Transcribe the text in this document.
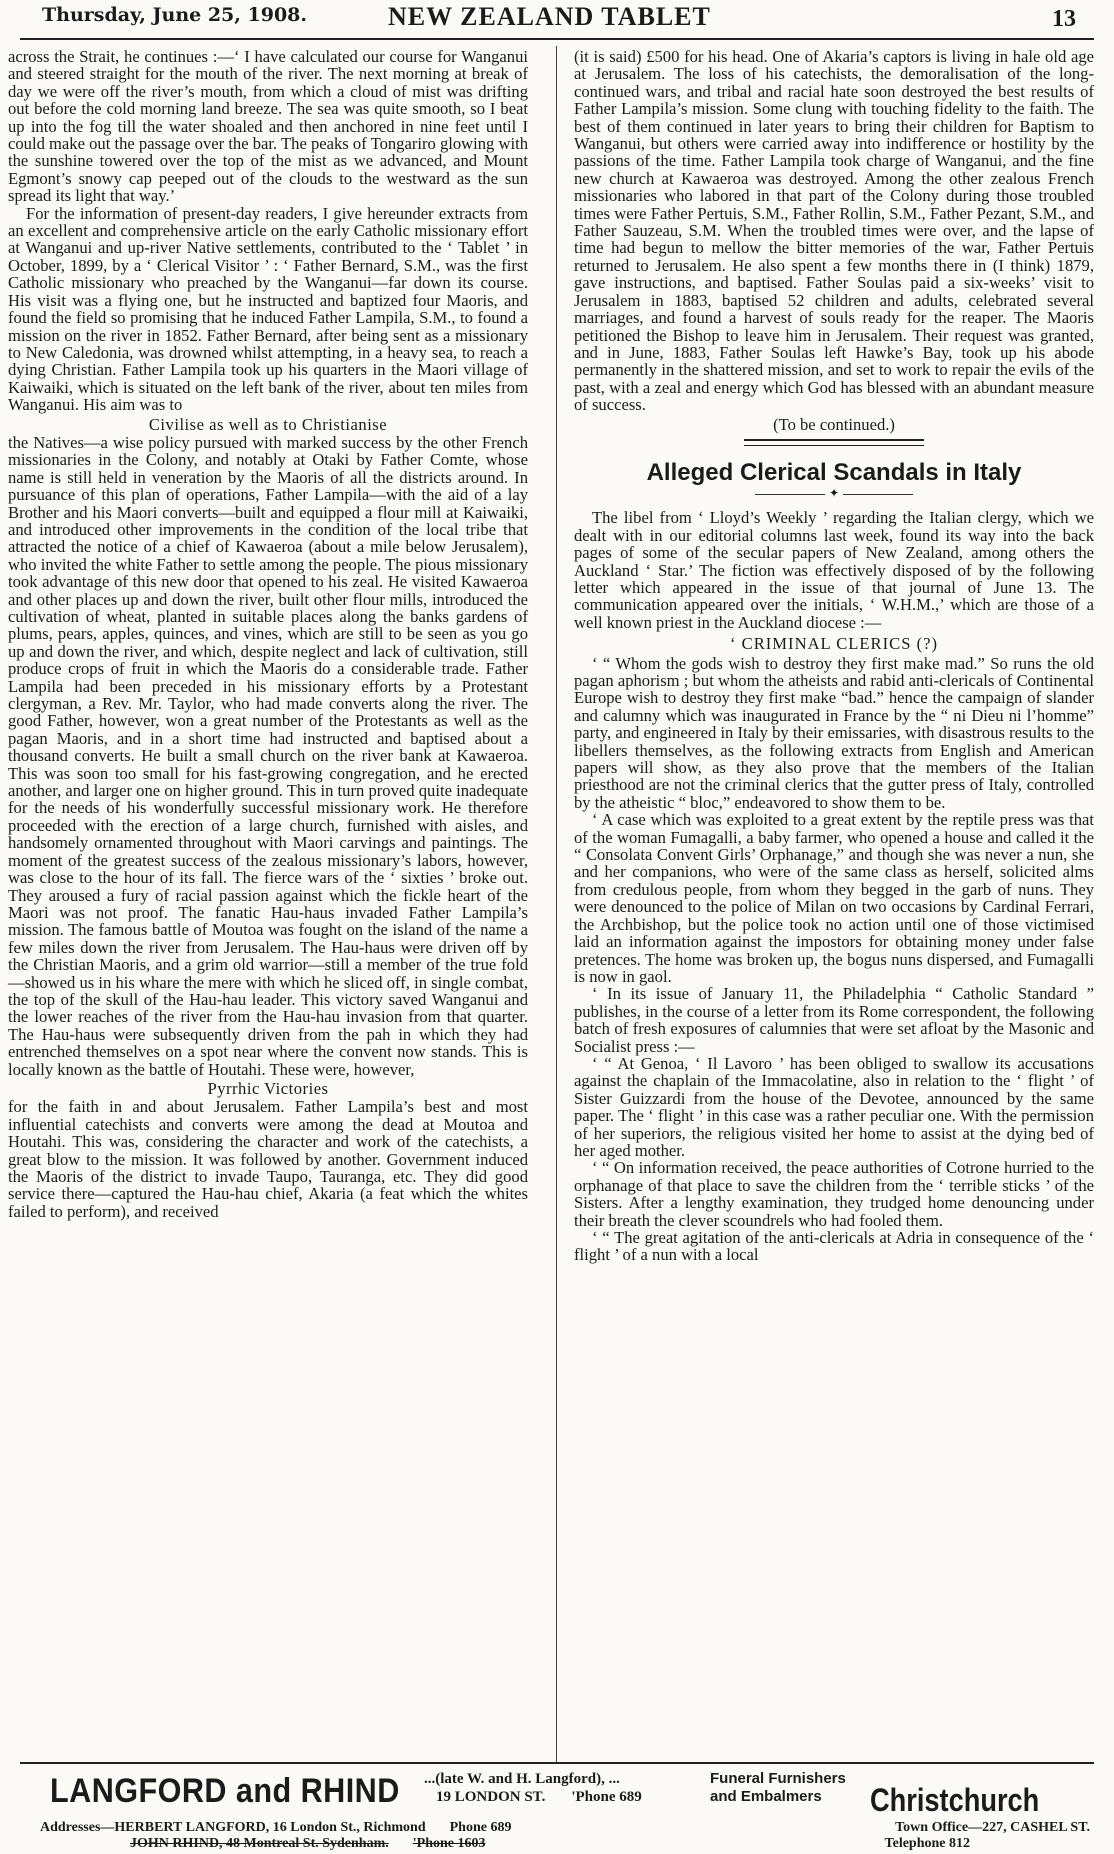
Thursday, June 25, 1908.	NEW ZEALAND TABLET	13

across the Strait, he continues :—‘ I have calculated our course for Wanganui and steered straight for the mouth of the river. The next morning at break of day we were off the river’s mouth, from which a cloud of mist was drifting out before the cold morning land breeze. The sea was quite smooth, so I beat up into the fog till the water shoaled and then anchored in nine feet until I could make out the passage over the bar. The peaks of Tongariro glowing with the sunshine towered over the top of the mist as we advanced, and Mount Egmont’s snowy cap peeped out of the clouds to the westward as the sun spread its light that way.’

For the information of present-day readers, I give hereunder extracts from an excellent and comprehensive article on the early Catholic missionary effort at Wanganui and up-river Native settlements, contributed to the ‘ Tablet ’ in October, 1899, by a ‘ Clerical Visitor ’ : ‘ Father Bernard, S.M., was the first Catholic missionary who preached by the Wanganui—far down its course. His visit was a flying one, but he instructed and baptized four Maoris, and found the field so promising that he induced Father Lampila, S.M., to found a mission on the river in 1852. Father Bernard, after being sent as a missionary to New Caledonia, was drowned whilst attempting, in a heavy sea, to reach a dying Christian. Father Lampila took up his quarters in the Maori village of Kaiwaiki, which is situated on the left bank of the river, about ten miles from Wanganui. His aim was to

Civilise as well as to Christianise

the Natives—a wise policy pursued with marked success by the other French missionaries in the Colony, and notably at Otaki by Father Comte, whose name is still held in veneration by the Maoris of all the districts around. In pursuance of this plan of operations, Father Lampila—with the aid of a lay Brother and his Maori converts—built and equipped a flour mill at Kaiwaiki, and introduced other improvements in the condition of the local tribe that attracted the notice of a chief of Kawaeroa (about a mile below Jerusalem), who invited the white Father to settle among the people. The pious missionary took advantage of this new door that opened to his zeal. He visited Kawaeroa and other places up and down the river, built other flour mills, introduced the cultivation of wheat, planted in suitable places along the banks gardens of plums, pears, apples, quinces, and vines, which are still to be seen as you go up and down the river, and which, despite neglect and lack of cultivation, still produce crops of fruit in which the Maoris do a considerable trade. Father Lampila had been preceded in his missionary efforts by a Protestant clergyman, a Rev. Mr. Taylor, who had made converts along the river. The good Father, however, won a great number of the Protestants as well as the pagan Maoris, and in a short time had instructed and baptised about a thousand converts. He built a small church on the river bank at Kawaeroa. This was soon too small for his fast-growing congregation, and he erected another, and larger one on higher ground. This in turn proved quite inadequate for the needs of his wonderfully successful missionary work. He therefore proceeded with the erection of a large church, furnished with aisles, and handsomely ornamented throughout with Maori carvings and paintings. The moment of the greatest success of the zealous missionary’s labors, however, was close to the hour of its fall. The fierce wars of the ‘ sixties ’ broke out. They aroused a fury of racial passion against which the fickle heart of the Maori was not proof. The fanatic Hau-haus invaded Father Lampila’s mission. The famous battle of Moutoa was fought on the island of the name a few miles down the river from Jerusalem. The Hau-haus were driven off by the Christian Maoris, and a grim old warrior—still a member of the true fold—showed us in his whare the mere with which he sliced off, in single combat, the top of the skull of the Hau-hau leader. This victory saved Wanganui and the lower reaches of the river from the Hau-hau invasion from that quarter. The Hau-haus were subsequently driven from the pah in which they had entrenched themselves on a spot near where the convent now stands. This is locally known as the battle of Houtahi. These were, however,

Pyrrhic Victories

for the faith in and about Jerusalem. Father Lampila’s best and most influential catechists and converts were among the dead at Moutoa and Houtahi. This was, considering the character and work of the catechists, a great blow to the mission. It was followed by another. Government induced the Maoris of the district to invade Taupo, Tauranga, etc. They did good service there—captured the Hau-hau chief, Akaria (a feat which the whites failed to perform), and received

(it is said) £500 for his head. One of Akaria’s captors is living in hale old age at Jerusalem. The loss of his catechists, the demoralisation of the long-continued wars, and tribal and racial hate soon destroyed the best results of Father Lampila’s mission. Some clung with touching fidelity to the faith. The best of them continued in later years to bring their children for Baptism to Wanganui, but others were carried away into indifference or hostility by the passions of the time. Father Lampila took charge of Wanganui, and the fine new church at Kawaeroa was destroyed. Among the other zealous French missionaries who labored in that part of the Colony during those troubled times were Father Pertuis, S.M., Father Rollin, S.M., Father Pezant, S.M., and Father Sauzeau, S.M. When the troubled times were over, and the lapse of time had begun to mellow the bitter memories of the war, Father Pertuis returned to Jerusalem. He also spent a few months there in (I think) 1879, gave instructions, and baptised. Father Soulas paid a six-weeks’ visit to Jerusalem in 1883, baptised 52 children and adults, celebrated several marriages, and found a harvest of souls ready for the reaper. The Maoris petitioned the Bishop to leave him in Jerusalem. Their request was granted, and in June, 1883, Father Soulas left Hawke’s Bay, took up his abode permanently in the shattered mission, and set to work to repair the evils of the past, with a zeal and energy which God has blessed with an abundant measure of success.

(To be continued.)
Alleged Clerical Scandals in Italy
✦

The libel from ‘ Lloyd’s Weekly ’ regarding the Italian clergy, which we dealt with in our editorial columns last week, found its way into the back pages of some of the secular papers of New Zealand, among others the Auckland ‘ Star.’ The fiction was effectively disposed of by the following letter which appeared in the issue of that journal of June 13. The communication appeared over the initials, ‘ W.H.M.,’ which are those of a well known priest in the Auckland diocese :—

‘ CRIMINAL CLERICS (?)

‘ “ Whom the gods wish to destroy they first make mad.” So runs the old pagan aphorism ; but whom the atheists and rabid anti-clericals of Continental Europe wish to destroy they first make “bad.” hence the campaign of slander and calumny which was inaugurated in France by the “ ni Dieu ni l’homme” party, and engineered in Italy by their emissaries, with disastrous results to the libellers themselves, as the following extracts from English and American papers will show, as they also prove that the members of the Italian priesthood are not the criminal clerics that the gutter press of Italy, controlled by the atheistic “ bloc,” endeavored to show them to be.

‘ A case which was exploited to a great extent by the reptile press was that of the woman Fumagalli, a baby farmer, who opened a house and called it the “ Consolata Convent Girls’ Orphanage,” and though she was never a nun, she and her companions, who were of the same class as herself, solicited alms from credulous people, from whom they begged in the garb of nuns. They were denounced to the police of Milan on two occasions by Cardinal Ferrari, the Archbishop, but the police took no action until one of those victimised laid an information against the impostors for obtaining money under false pretences. The home was broken up, the bogus nuns dispersed, and Fumagalli is now in gaol.

‘ In its issue of January 11, the Philadelphia “ Catholic Standard ” publishes, in the course of a letter from its Rome correspondent, the following batch of fresh exposures of calumnies that were set afloat by the Masonic and Socialist press :—

‘ “ At Genoa, ‘ Il Lavoro ’ has been obliged to swallow its accusations against the chaplain of the Immacolatine, also in relation to the ‘ flight ’ of Sister Guizzardi from the house of the Devotee, announced by the same paper. The ‘ flight ’ in this case was a rather peculiar one. With the permission of her superiors, the religious visited her home to assist at the dying bed of her aged mother.

‘ “ On information received, the peace authorities of Cotrone hurried to the orphanage of that place to save the children from the ‘ terrible sticks ’ of the Sisters. After a lengthy examination, they trudged home denouncing under their breath the clever scoundrels who had fooled them.

‘ “ The great agitation of the anti-clericals at Adria in consequence of the ‘ flight ’ of a nun with a local

LANGFORD and RHIND ...(late W. and H. Langford), ...
19 LONDON ST. 'Phone 689
Funeral Furnishers
and Embalmers	Christchurch
Addresses—HERBERT LANGFORD, 16 London St., Richmond Phone 689
JOHN RHIND, 48 Montreal St. Sydenham. 'Phone 1603
Town Office—227, CASHEL ST.
Telephone 812
